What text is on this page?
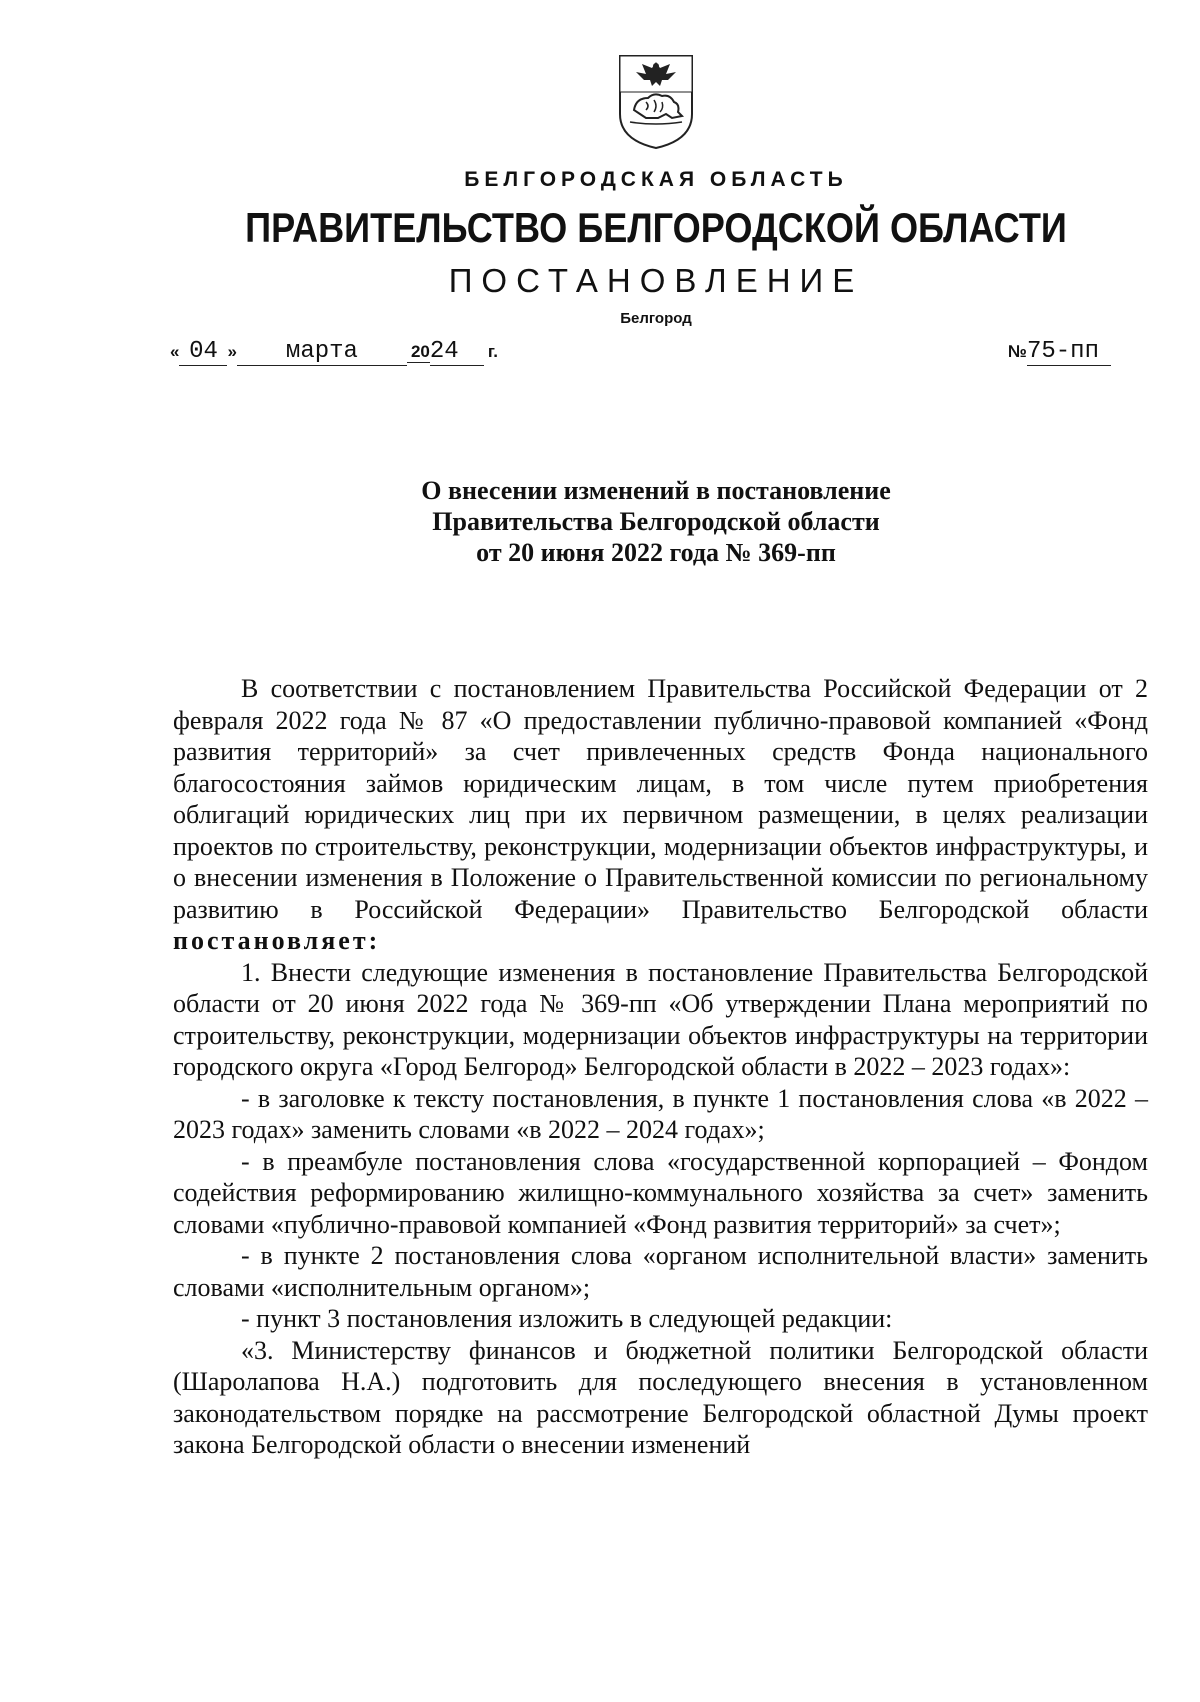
БЕЛГОРОДСКАЯ ОБЛАСТЬ
ПРАВИТЕЛЬСТВО БЕЛГОРОДСКОЙ ОБЛАСТИ
ПОСТАНОВЛЕНИЕ
Белгород
« 04 » марта	2024 г.	№75-пп
О внесении изменений в постановление
Правительства Белгородской области
от 20 июня 2022 года № 369-пп

В соответствии с постановлением Правительства Российской Федерации от 2 февраля 2022 года № 87 «О предоставлении публично-правовой компанией «Фонд развития территорий» за счет привлеченных средств Фонда национального благосостояния займов юридическим лицам, в том числе путем приобретения облигаций юридических лиц при их первичном размещении, в целях реализации проектов по строительству, реконструкции, модернизации объектов инфраструктуры, и о внесении изменения в Положение о Правительственной комиссии по региональному развитию в Российской Федерации» Правительство Белгородской области постановляет:

1. Внести следующие изменения в постановление Правительства Белгородской области от 20 июня 2022 года № 369-пп «Об утверждении Плана мероприятий по строительству, реконструкции, модернизации объектов инфраструктуры на территории городского округа «Город Белгород» Белгородской области в 2022 – 2023 годах»:

- в заголовке к тексту постановления, в пункте 1 постановления слова «в 2022 – 2023 годах» заменить словами «в 2022 – 2024 годах»;

- в преамбуле постановления слова «государственной корпорацией – Фондом содействия реформированию жилищно-коммунального хозяйства за счет» заменить словами «публично-правовой компанией «Фонд развития территорий» за счет»;

- в пункте 2 постановления слова «органом исполнительной власти» заменить словами «исполнительным органом»;

- пункт 3 постановления изложить в следующей редакции:

«3. Министерству финансов и бюджетной политики Белгородской области (Шаролапова Н.А.) подготовить для последующего внесения в установленном законодательством порядке на рассмотрение Белгородской областной Думы проект закона Белгородской области о внесении изменений
